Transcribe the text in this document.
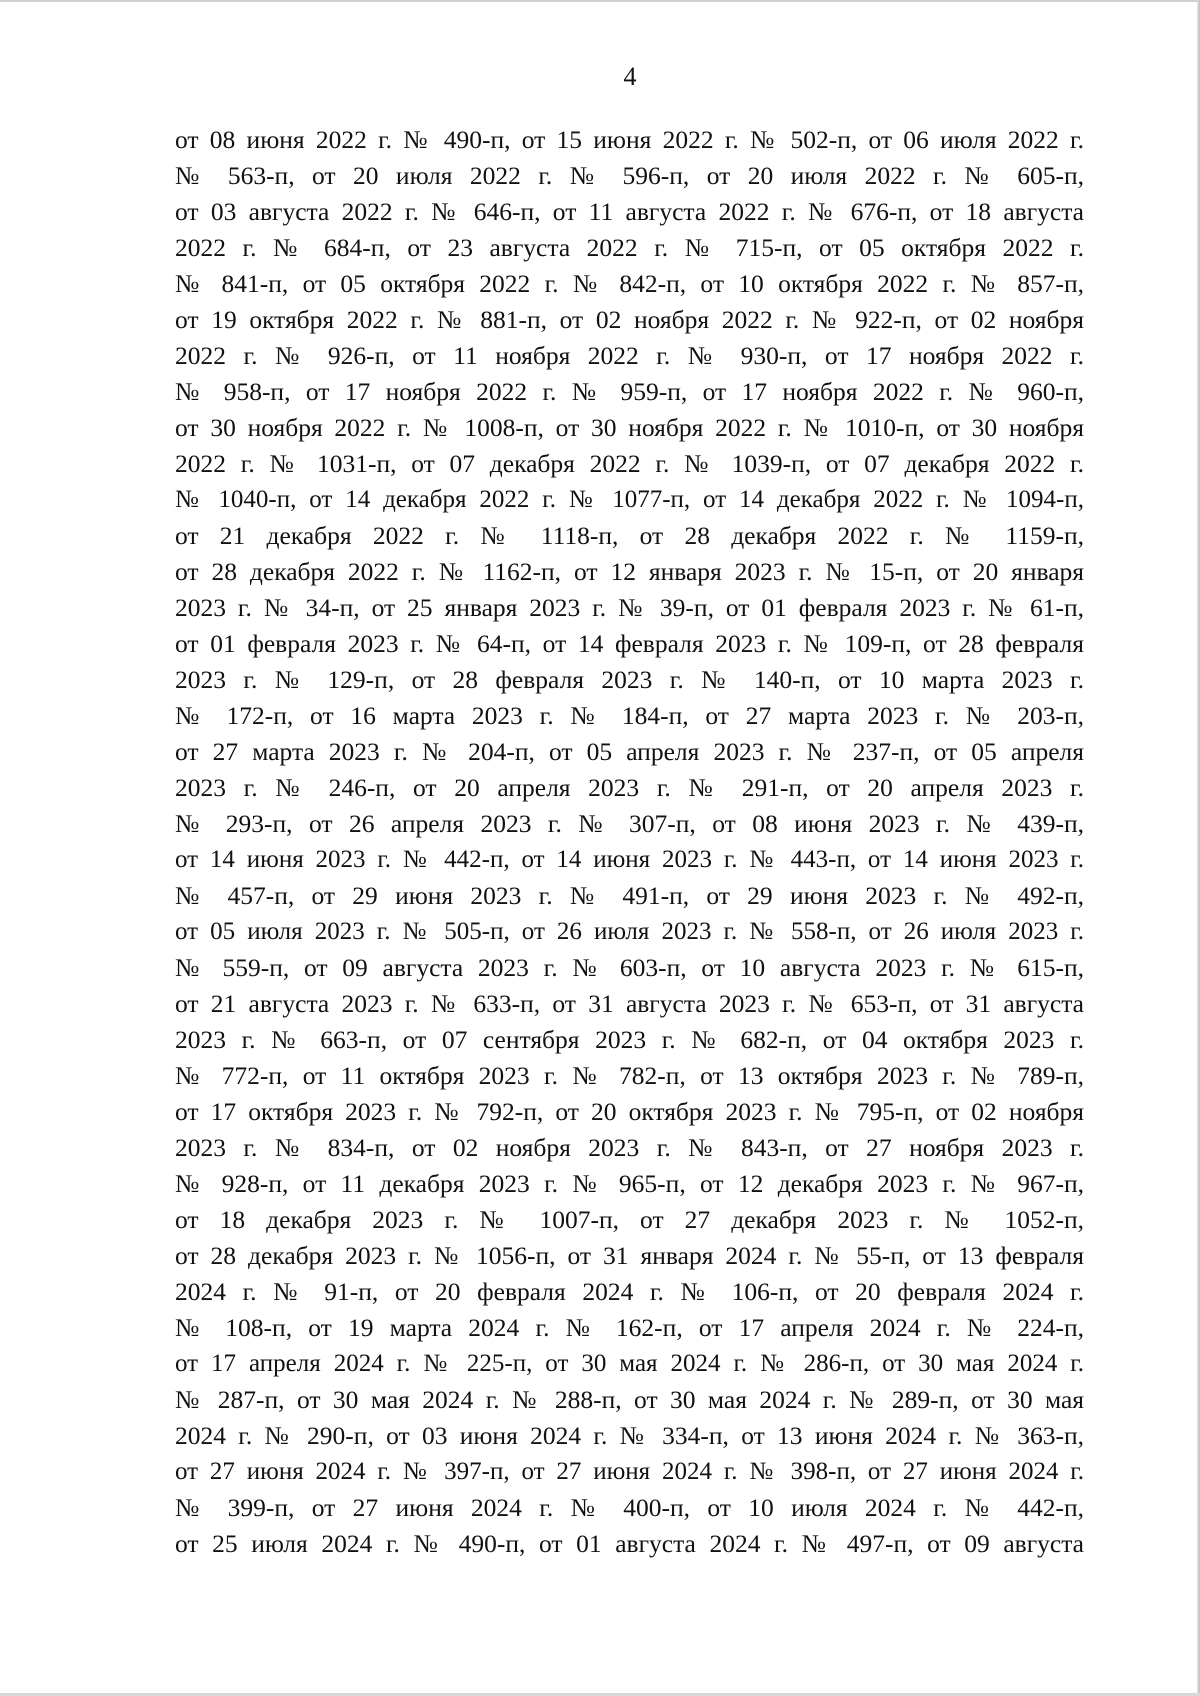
4
от 08 июня 2022 г. № 490-п, от 15 июня 2022 г. № 502-п, от 06 июля 2022 г.
№ 563-п, от 20 июля 2022 г. № 596-п, от 20 июля 2022 г. № 605-п,
от 03 августа 2022 г. № 646-п, от 11 августа 2022 г. № 676-п, от 18 августа
2022 г. № 684-п, от 23 августа 2022 г. № 715-п, от 05 октября 2022 г.
№ 841-п, от 05 октября 2022 г. № 842-п, от 10 октября 2022 г. № 857-п,
от 19 октября 2022 г. № 881-п, от 02 ноября 2022 г. № 922-п, от 02 ноября
2022 г. № 926-п, от 11 ноября 2022 г. № 930-п, от 17 ноября 2022 г.
№ 958-п, от 17 ноября 2022 г. № 959-п, от 17 ноября 2022 г. № 960-п,
от 30 ноября 2022 г. № 1008-п, от 30 ноября 2022 г. № 1010-п, от 30 ноября
2022 г. № 1031-п, от 07 декабря 2022 г. № 1039-п, от 07 декабря 2022 г.
№ 1040-п, от 14 декабря 2022 г. № 1077-п, от 14 декабря 2022 г. № 1094-п,
от 21 декабря 2022 г. № 1118-п, от 28 декабря 2022 г. № 1159-п,
от 28 декабря 2022 г. № 1162-п, от 12 января 2023 г. № 15-п, от 20 января
2023 г. № 34-п, от 25 января 2023 г. № 39-п, от 01 февраля 2023 г. № 61-п,
от 01 февраля 2023 г. № 64-п, от 14 февраля 2023 г. № 109-п, от 28 февраля
2023 г. № 129-п, от 28 февраля 2023 г. № 140-п, от 10 марта 2023 г.
№ 172-п, от 16 марта 2023 г. № 184-п, от 27 марта 2023 г. № 203-п,
от 27 марта 2023 г. № 204-п, от 05 апреля 2023 г. № 237-п, от 05 апреля
2023 г. № 246-п, от 20 апреля 2023 г. № 291-п, от 20 апреля 2023 г.
№ 293-п, от 26 апреля 2023 г. № 307-п, от 08 июня 2023 г. № 439-п,
от 14 июня 2023 г. № 442-п, от 14 июня 2023 г. № 443-п, от 14 июня 2023 г.
№ 457-п, от 29 июня 2023 г. № 491-п, от 29 июня 2023 г. № 492-п,
от 05 июля 2023 г. № 505-п, от 26 июля 2023 г. № 558-п, от 26 июля 2023 г.
№ 559-п, от 09 августа 2023 г. № 603-п, от 10 августа 2023 г. № 615-п,
от 21 августа 2023 г. № 633-п, от 31 августа 2023 г. № 653-п, от 31 августа
2023 г. № 663-п, от 07 сентября 2023 г. № 682-п, от 04 октября 2023 г.
№ 772-п, от 11 октября 2023 г. № 782-п, от 13 октября 2023 г. № 789-п,
от 17 октября 2023 г. № 792-п, от 20 октября 2023 г. № 795-п, от 02 ноября
2023 г. № 834-п, от 02 ноября 2023 г. № 843-п, от 27 ноября 2023 г.
№ 928-п, от 11 декабря 2023 г. № 965-п, от 12 декабря 2023 г. № 967-п,
от 18 декабря 2023 г. № 1007-п, от 27 декабря 2023 г. № 1052-п,
от 28 декабря 2023 г. № 1056-п, от 31 января 2024 г. № 55-п, от 13 февраля
2024 г. № 91-п, от 20 февраля 2024 г. № 106-п, от 20 февраля 2024 г.
№ 108-п, от 19 марта 2024 г. № 162-п, от 17 апреля 2024 г. № 224-п,
от 17 апреля 2024 г. № 225-п, от 30 мая 2024 г. № 286-п, от 30 мая 2024 г.
№ 287-п, от 30 мая 2024 г. № 288-п, от 30 мая 2024 г. № 289-п, от 30 мая
2024 г. № 290-п, от 03 июня 2024 г. № 334-п, от 13 июня 2024 г. № 363-п,
от 27 июня 2024 г. № 397-п, от 27 июня 2024 г. № 398-п, от 27 июня 2024 г.
№ 399-п, от 27 июня 2024 г. № 400-п, от 10 июля 2024 г. № 442-п,
от 25 июля 2024 г. № 490-п, от 01 августа 2024 г. № 497-п, от 09 августа
